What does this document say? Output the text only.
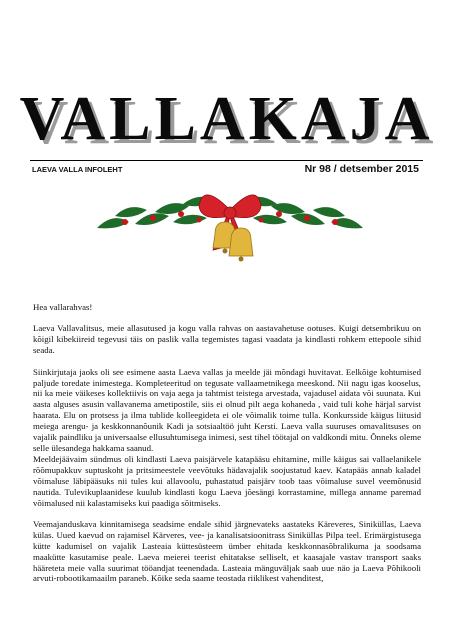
VALLAKAJA
LAEVA VALLA INFOLEHT	Nr 98 / detsember 2015

Hea vallarahvas!

Laeva Vallavalitsus, meie allasutused ja kogu valla rahvas on aastavahetuse ootuses. Kuigi detsembrikuu on kõigil kibekiireid tegevusi täis on paslik valla tegemistes tagasi vaadata ja kindlasti rohkem ettepoole sihid seada.

Siinkirjutaja jaoks oli see esimene aasta Laeva vallas ja meelde jäi mõndagi huvitavat. Eelkõige kohtumised paljude toredate inimestega. Kompleteeritud on tegusate vallaametnikega meeskond. Nii nagu igas kooselus, nii ka meie väikeses kollektiivis on vaja aega ja tahtmist teistega arvestada, vajadusel aidata või suunata. Kui aasta alguses asusin vallavanema ametipostile, siis ei olnud pilt aega kohaneda , vaid tuli kohe härjal sarvist haarata. Elu on protsess ja ilma tublide kolleegideta ei ole võimalik toime tulla. Konkurssidе käigus liitusid meiega arengu- ja keskkonnanõunik Kadi ja sotsiaaltöö juht Kersti. Laeva valla suuruses omavalitsuses on vajalik paindliku ja universaalse ellusuhtumisega inimesi, sest tihel töötajal on valdkondi mitu. Õnneks oleme selle ülesandega hakkama saanud.

Meeldejäävaim sündmus oli kindlasti Laeva paisjärvele katapääsu ehitamine, mille käigus sai vallaelanikele rõõmupakkuv suptuskoht ja pritsimeestele veevõtuks hädavajalik soojustatud kaev. Katapääs annab kaladel võimaluse läbipääsuks nii tules kui allavoolu, puhastatud paisjärv toob taas võimaluse suvel veemõnusid nautida. Tulevikuplaanidese kuulub kindlasti kogu Laeva jõesängi korrastamine, millega anname paremad võimalused nii kalastamiseks kui paadiga sõitmiseks.

Veemajanduskava kinnitamisega seadsime endale sihid järgnevateks aastateks Käreveres, Siniküllas, Laeva külas. Uued kaevud on rajamisel Kärveres, vee- ja kanalisatsioonitrass Siniküllas Pilpa teel. Erimärgistusega kütte kadumisel on vajalik Lasteaia küttesüsteem ümber ehitada keskkonnasõbralikuma ja soodsama maaküttе kasutamise peale. Laeva meierei teerist ehitatakse selliselt, et kaasajale vastav transport saaks hääreteta meie valla suurimat tööandjat teenendada. Lasteaia mänguväljak saab uue näo ja Laeva Põhikooli arvuti-robootikamaailm paraneb. Kõike seda saame teostada riiklikest vahenditest,
